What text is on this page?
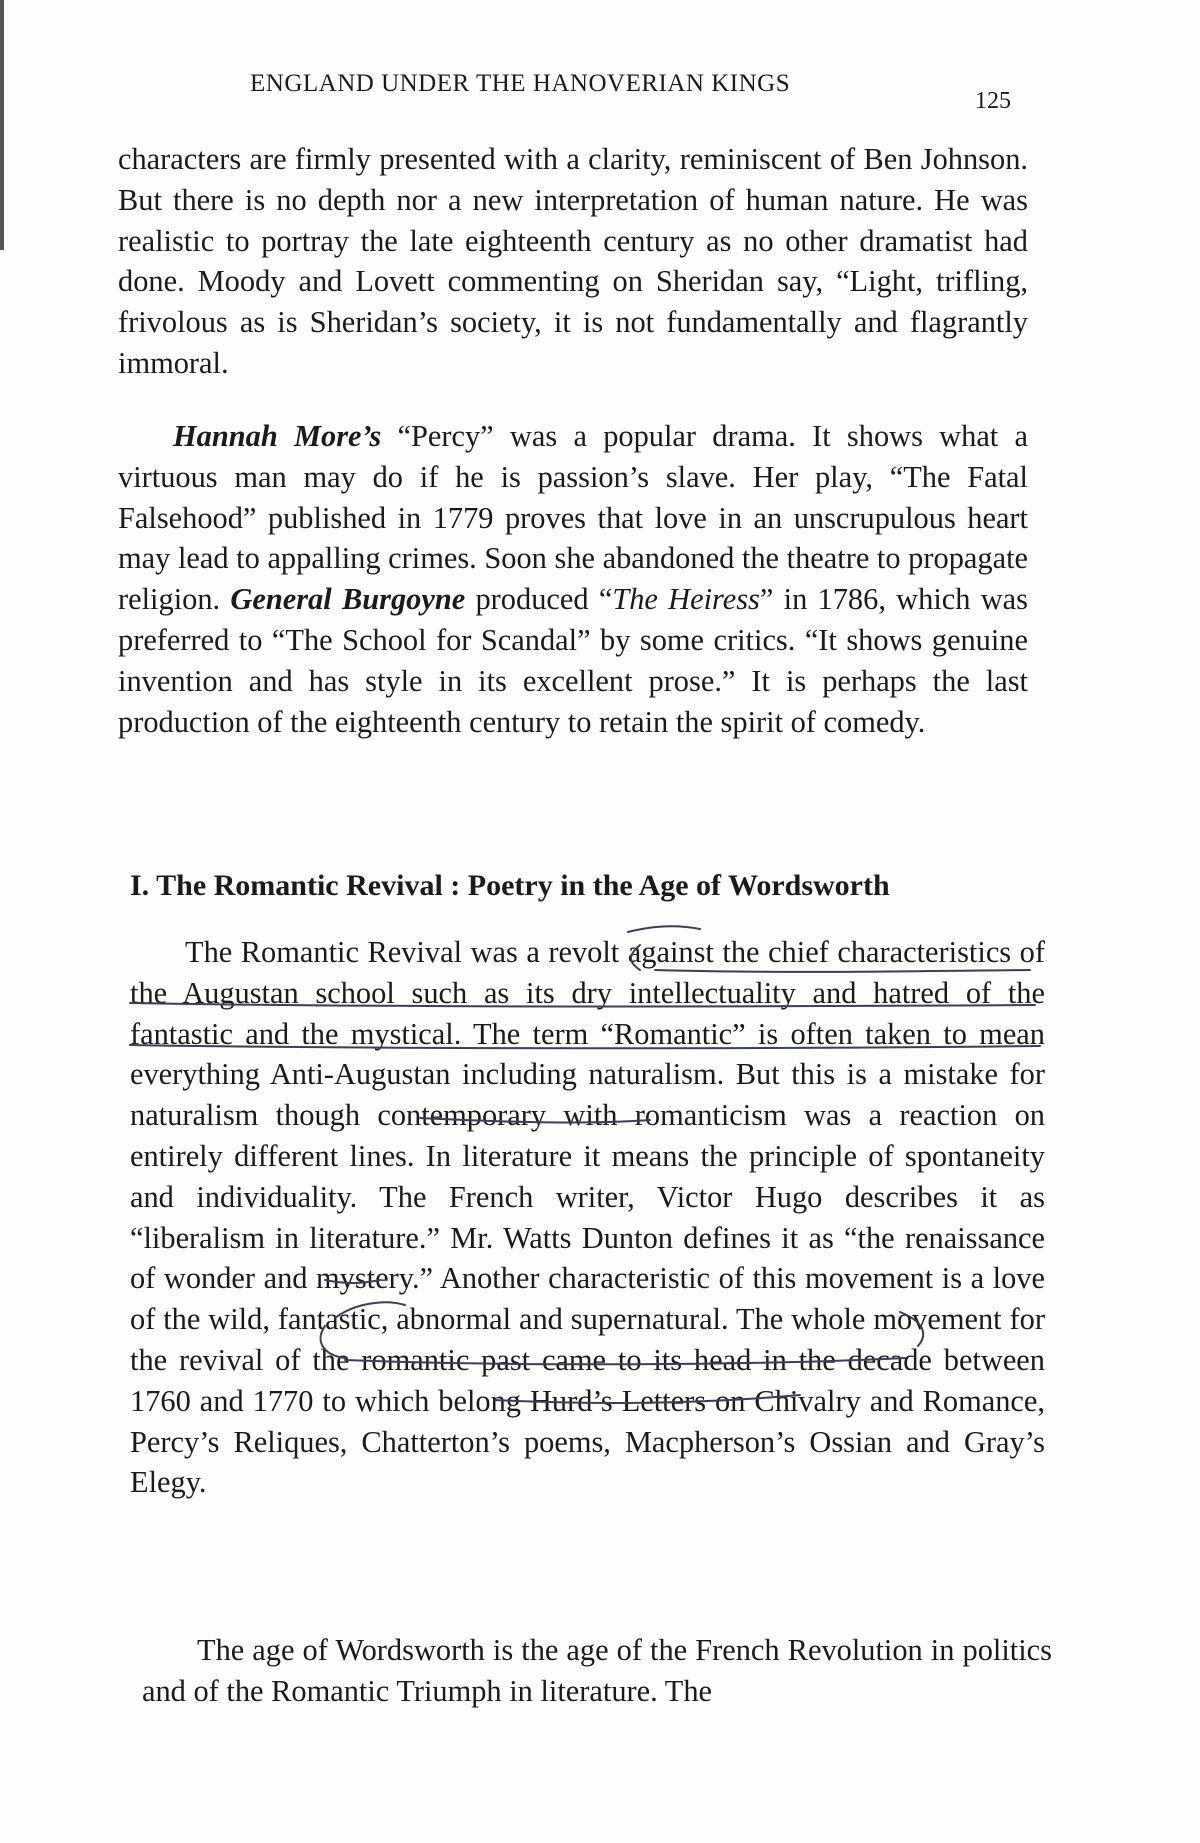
ENGLAND UNDER THE HANOVERIAN KINGS
125

characters are firmly presented with a clarity, reminiscent of Ben Johnson. But there is no depth nor a new interpretation of human nature. He was realistic to portray the late eighteenth century as no other dramatist had done. Moody and Lovett commenting on Sheridan say, “Light, trifling, frivolous as is Sheridan’s society, it is not fundamentally and flagrantly immoral.

Hannah More’s “Percy” was a popular drama. It shows what a virtuous man may do if he is passion’s slave. Her play, “The Fatal Falsehood” published in 1779 proves that love in an unscrupulous heart may lead to appalling crimes. Soon she abandoned the theatre to propagate religion. General Burgoyne produced “The Heiress” in 1786, which was preferred to “The School for Scandal” by some critics. “It shows genuine invention and has style in its excellent prose.” It is perhaps the last production of the eighteenth century to retain the spirit of comedy.

I. The Romantic Revival : Poetry in the Age of Wordsworth

The Romantic Revival was a revolt against the chief characteristics of the Augustan school such as its dry intellectuality and hatred of the fantastic and the mystical. The term “Romantic” is often taken to mean everything Anti-Augustan including naturalism. But this is a mistake for naturalism though contemporary with romanticism was a reaction on entirely different lines. In literature it means the principle of spontaneity and individuality. The French writer, Victor Hugo describes it as “liberalism in literature.” Mr. Watts Dunton defines it as “the renaissance of wonder and mystery.” Another characteristic of this movement is a love of the wild, fantastic, abnormal and supernatural. The whole movement for the revival of the romantic past came to its head in the decade between 1760 and 1770 to which belong Hurd’s Letters on Chivalry and Romance, Percy’s Reliques, Chatterton’s poems, Macpherson’s Ossian and Gray’s Elegy.

The age of Wordsworth is the age of the French Revolution in politics and of the Romantic Triumph in literature. The
